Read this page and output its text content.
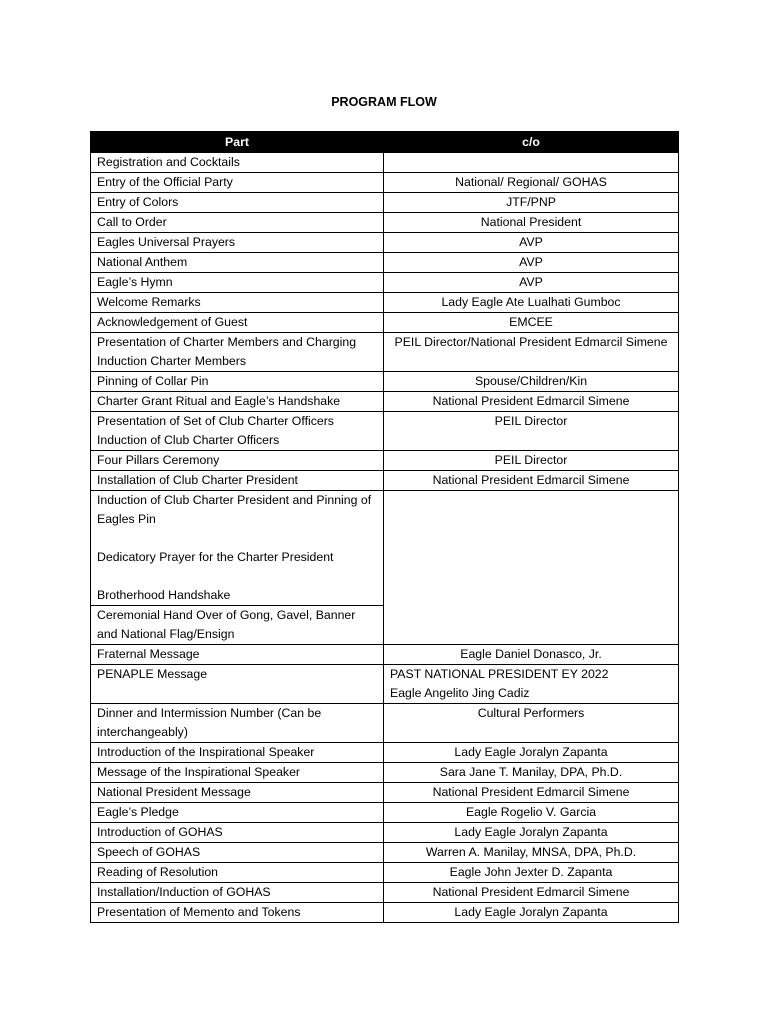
PROGRAM FLOW
Part	c/o
Registration and Cocktails	
Entry of the Official Party	National/ Regional/ GOHAS
Entry of Colors	JTF/PNP
Call to Order	National President
Eagles Universal Prayers	AVP
National Anthem	AVP
Eagle’s Hymn	AVP
Welcome Remarks	Lady Eagle Ate Lualhati Gumboc
Acknowledgement of Guest	EMCEE
Presentation of Charter Members and Charging
Induction Charter Members	PEIL Director/National President Edmarcil Simene
Pinning of Collar Pin	Spouse/Children/Kin
Charter Grant Ritual and Eagle’s Handshake	National President Edmarcil Simene
Presentation of Set of Club Charter Officers
Induction of Club Charter Officers	PEIL Director
Four Pillars Ceremony	PEIL Director
Installation of Club Charter President	National President Edmarcil Simene
Induction of Club Charter President and Pinning of Eagles Pin

Dedicatory Prayer for the Charter President

Brotherhood Handshake	
Ceremonial Hand Over of Gong, Gavel, Banner and National Flag/Ensign	
Fraternal Message	Eagle Daniel Donasco, Jr.
PENAPLE Message	PAST NATIONAL PRESIDENT EY 2022
Eagle Angelito Jing Cadiz
Dinner and Intermission Number (Can be interchangeably)	Cultural Performers
Introduction of the Inspirational Speaker	Lady Eagle Joralyn Zapanta
Message of the Inspirational Speaker	Sara Jane T. Manilay, DPA, Ph.D.
National President Message	National President Edmarcil Simene
Eagle’s Pledge	Eagle Rogelio V. Garcia
Introduction of GOHAS	Lady Eagle Joralyn Zapanta
Speech of GOHAS	Warren A. Manilay, MNSA, DPA, Ph.D.
Reading of Resolution	Eagle John Jexter D. Zapanta
Installation/Induction of GOHAS	National President Edmarcil Simene
Presentation of Memento and Tokens	Lady Eagle Joralyn Zapanta
